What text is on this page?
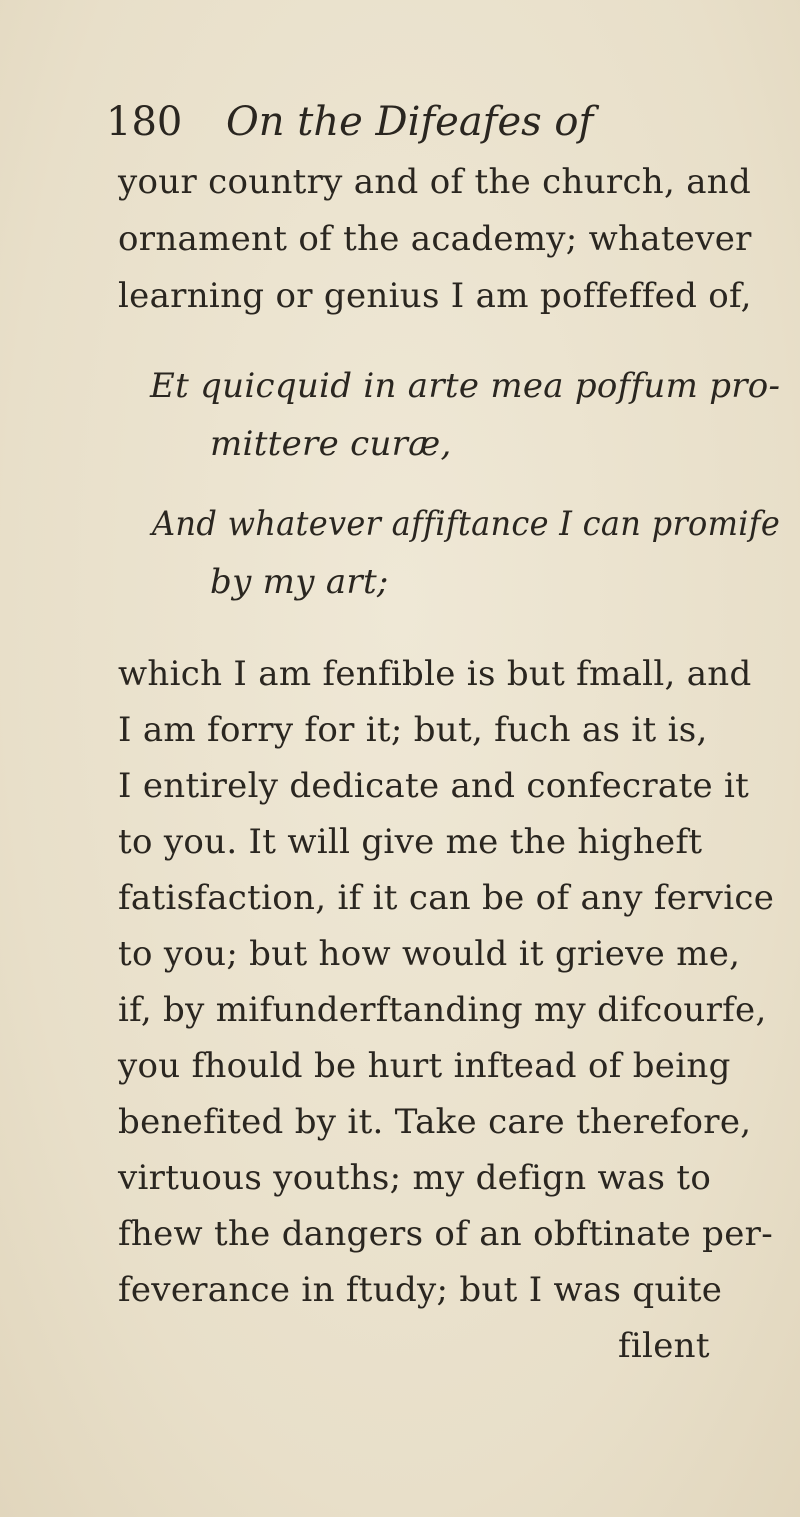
180 On the Difeafes of
your country and of the church, and
ornament of the academy; whatever
learning or genius I am poffeffed of,
Et quicquid in arte mea poffum pro-
mittere curæ,
And whatever affiftance I can promife
by my art;
which I am fenfible is but fmall, and
I am forry for it; but, fuch as it is,
I entirely dedicate and confecrate it
to you. It will give me the higheft
fatisfaction, if it can be of any fervice
to you; but how would it grieve me,
if, by mifunderftanding my difcourfe,
you fhould be hurt inftead of being
benefited by it. Take care therefore,
virtuous youths; my defign was to
fhew the dangers of an obftinate per-
feverance in ftudy; but I was quite
filent
